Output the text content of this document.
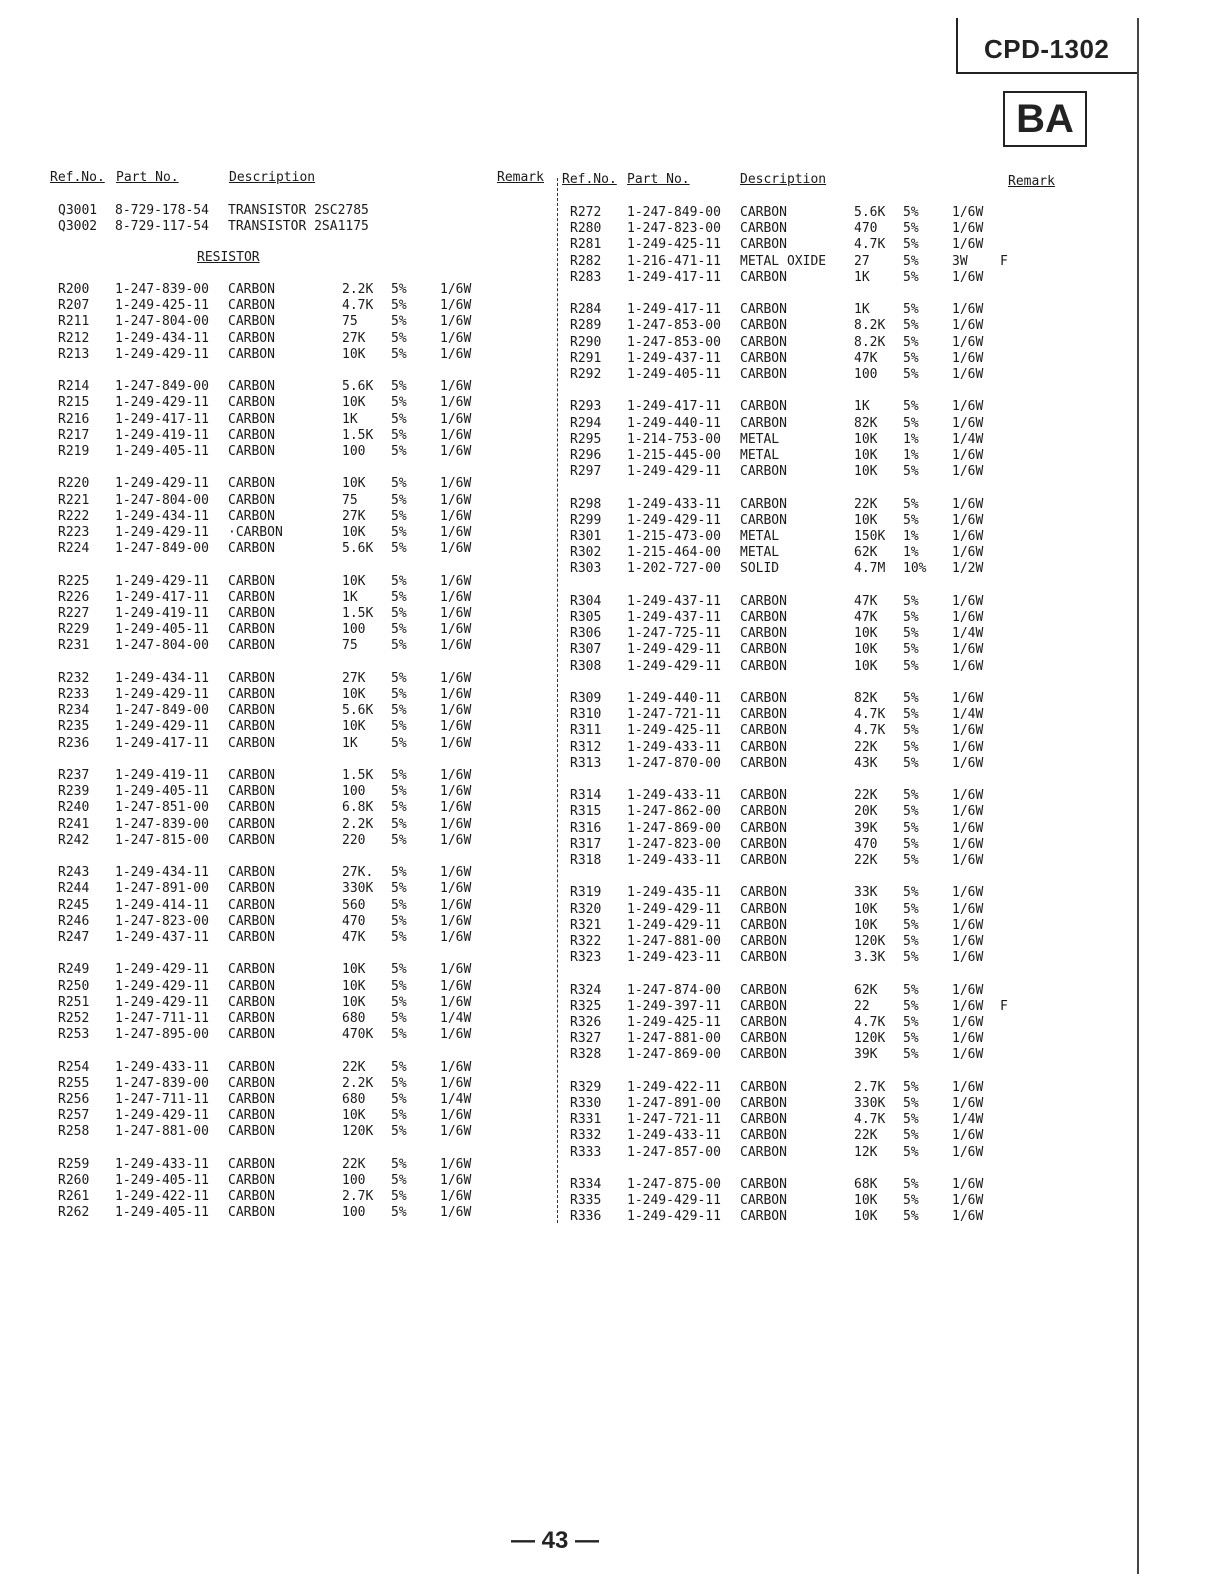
CPD-1302
BA
Ref.No. Part No.	Description	Remark Ref.No. Part No.	Description	Remark
RESISTOR
Q3001 8-729-178-54 TRANSISTOR 2SC2785
Q3002 8-729-117-54 TRANSISTOR 2SA1175
R200 1-247-839-00 CARBON	2.2K 5%	1/6W
R207 1-249-425-11 CARBON	4.7K 5%	1/6W
R211 1-247-804-00 CARBON	75	5%	1/6W
R212 1-249-434-11 CARBON	27K 5%	1/6W
R213 1-249-429-11 CARBON	10K 5%	1/6W
R214 1-247-849-00 CARBON	5.6K 5%	1/6W
R215 1-249-429-11 CARBON	10K 5%	1/6W
R216 1-249-417-11 CARBON	1K	5%	1/6W
R217 1-249-419-11 CARBON	1.5K 5%	1/6W
R219 1-249-405-11 CARBON	100 5%	1/6W
R220 1-249-429-11 CARBON	10K 5%	1/6W
R221 1-247-804-00 CARBON	75	5%	1/6W
R222 1-249-434-11 CARBON	27K 5%	1/6W
R223 1-249-429-11 ·CARBON	10K 5%	1/6W
R224 1-247-849-00 CARBON	5.6K 5%	1/6W
R225 1-249-429-11 CARBON	10K 5%	1/6W
R226 1-249-417-11 CARBON	1K	5%	1/6W
R227 1-249-419-11 CARBON	1.5K 5%	1/6W
R229 1-249-405-11 CARBON	100 5%	1/6W
R231 1-247-804-00 CARBON	75	5%	1/6W
R232 1-249-434-11 CARBON	27K 5%	1/6W
R233 1-249-429-11 CARBON	10K 5%	1/6W
R234 1-247-849-00 CARBON	5.6K 5%	1/6W
R235 1-249-429-11 CARBON	10K 5%	1/6W
R236 1-249-417-11 CARBON	1K	5%	1/6W
R237 1-249-419-11 CARBON	1.5K 5%	1/6W
R239 1-249-405-11 CARBON	100 5%	1/6W
R240 1-247-851-00 CARBON	6.8K 5%	1/6W
R241 1-247-839-00 CARBON	2.2K 5%	1/6W
R242 1-247-815-00 CARBON	220 5%	1/6W
R243 1-249-434-11 CARBON	27K. 5%	1/6W
R244 1-247-891-00 CARBON	330K 5%	1/6W
R245 1-249-414-11 CARBON	560 5%	1/6W
R246 1-247-823-00 CARBON	470 5%	1/6W
R247 1-249-437-11 CARBON	47K 5%	1/6W
R249 1-249-429-11 CARBON	10K 5%	1/6W
R250 1-249-429-11 CARBON	10K 5%	1/6W
R251 1-249-429-11 CARBON	10K 5%	1/6W
R252 1-247-711-11 CARBON	680 5%	1/4W
R253 1-247-895-00 CARBON	470K 5%	1/6W
R254 1-249-433-11 CARBON	22K 5%	1/6W
R255 1-247-839-00 CARBON	2.2K 5%	1/6W
R256 1-247-711-11 CARBON	680 5%	1/4W
R257 1-249-429-11 CARBON	10K 5%	1/6W
R258 1-247-881-00 CARBON	120K 5%	1/6W
R259 1-249-433-11 CARBON	22K 5%	1/6W
R260 1-249-405-11 CARBON	100 5%	1/6W
R261 1-249-422-11 CARBON	2.7K 5%	1/6W
R262 1-249-405-11 CARBON	100 5%	1/6W
R272 1-247-849-00 CARBON	5.6K 5%	1/6W
R280 1-247-823-00 CARBON	470 5%	1/6W
R281 1-249-425-11 CARBON	4.7K 5%	1/6W
R282 1-216-471-11 METAL OXIDE 27	5%	3W F
R283 1-249-417-11 CARBON	1K	5%	1/6W
R284 1-249-417-11 CARBON	1K	5%	1/6W
R289 1-247-853-00 CARBON	8.2K 5%	1/6W
R290 1-247-853-00 CARBON	8.2K 5%	1/6W
R291 1-249-437-11 CARBON	47K 5%	1/6W
R292 1-249-405-11 CARBON	100 5%	1/6W
R293 1-249-417-11 CARBON	1K	5%	1/6W
R294 1-249-440-11 CARBON	82K 5%	1/6W
R295 1-214-753-00 METAL	10K 1%	1/4W
R296 1-215-445-00 METAL	10K 1%	1/6W
R297 1-249-429-11 CARBON	10K 5%	1/6W
R298 1-249-433-11 CARBON	22K 5%	1/6W
R299 1-249-429-11 CARBON	10K 5%	1/6W
R301 1-215-473-00 METAL	150K 1%	1/6W
R302 1-215-464-00 METAL	62K 1%	1/6W
R303 1-202-727-00 SOLID	4.7M 10% 1/2W
R304 1-249-437-11 CARBON	47K 5%	1/6W
R305 1-249-437-11 CARBON	47K 5%	1/6W
R306 1-247-725-11 CARBON	10K 5%	1/4W
R307 1-249-429-11 CARBON	10K 5%	1/6W
R308 1-249-429-11 CARBON	10K 5%	1/6W
R309 1-249-440-11 CARBON	82K 5%	1/6W
R310 1-247-721-11 CARBON	4.7K 5%	1/4W
R311 1-249-425-11 CARBON	4.7K 5%	1/6W
R312 1-249-433-11 CARBON	22K 5%	1/6W
R313 1-247-870-00 CARBON	43K 5%	1/6W
R314 1-249-433-11 CARBON	22K 5%	1/6W
R315 1-247-862-00 CARBON	20K 5%	1/6W
R316 1-247-869-00 CARBON	39K 5%	1/6W
R317 1-247-823-00 CARBON	470 5%	1/6W
R318 1-249-433-11 CARBON	22K 5%	1/6W
R319 1-249-435-11 CARBON	33K 5%	1/6W
R320 1-249-429-11 CARBON	10K 5%	1/6W
R321 1-249-429-11 CARBON	10K 5%	1/6W
R322 1-247-881-00 CARBON	120K 5%	1/6W
R323 1-249-423-11 CARBON	3.3K 5%	1/6W
R324 1-247-874-00 CARBON	62K 5%	1/6W
R325 1-249-397-11 CARBON	22	5%	1/6W F
R326 1-249-425-11 CARBON	4.7K 5%	1/6W
R327 1-247-881-00 CARBON	120K 5%	1/6W
R328 1-247-869-00 CARBON	39K 5%	1/6W
R329 1-249-422-11 CARBON	2.7K 5%	1/6W
R330 1-247-891-00 CARBON	330K 5%	1/6W
R331 1-247-721-11 CARBON	4.7K 5%	1/4W
R332 1-249-433-11 CARBON	22K 5%	1/6W
R333 1-247-857-00 CARBON	12K 5%	1/6W
R334 1-247-875-00 CARBON	68K 5%	1/6W
R335 1-249-429-11 CARBON	10K 5%	1/6W
R336 1-249-429-11 CARBON	10K 5%	1/6W
— 43 —
